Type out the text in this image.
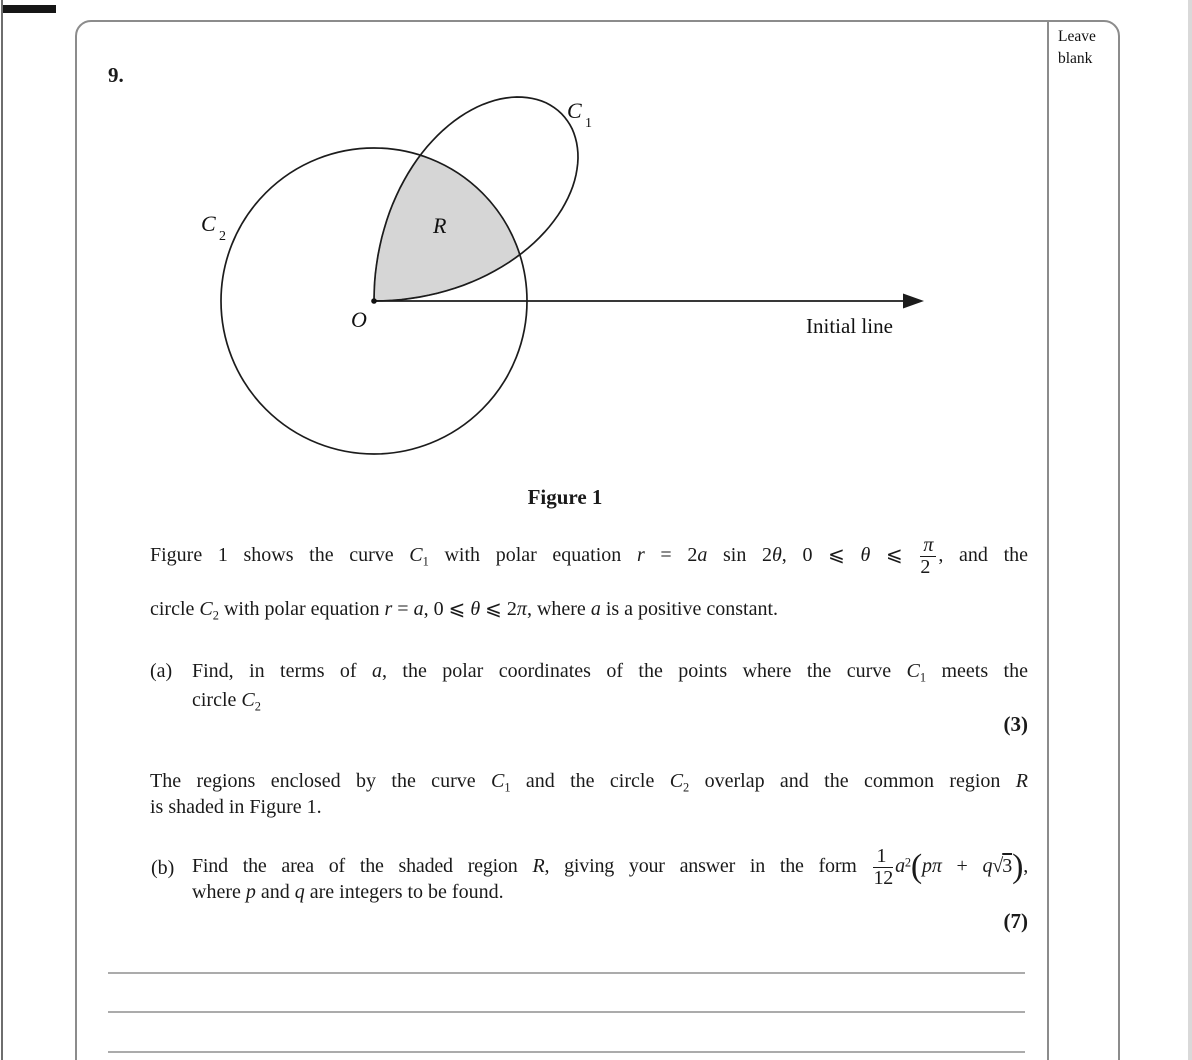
Leave
blank
9.
C
1
C
2	R
O	Initial line
Figure 1
Figure 1 shows the curve $C_1$ with polar equation r = 2a sin 2θ, 0 ⩽ θ ⩽ $\frac{\pi}{2}$ , and the
circle $C_2$ with polar equation r = a, 0 ⩽ θ ⩽ 2π, where a is a positive constant.
(a) Find, in terms of a, the polar coordinates of the points where the curve $C_1$ meets the
circle $C_2$
(3)
The regions enclosed by the curve $C_1$ and the circle $C_2$ overlap and the common region R
is shaded in Figure 1.
(b) Find the area of the shaded region R, giving your answer in the form $\frac{1}{12} a^2(p\pi + q√3)$,
where p and q are integers to be found.
(7)
